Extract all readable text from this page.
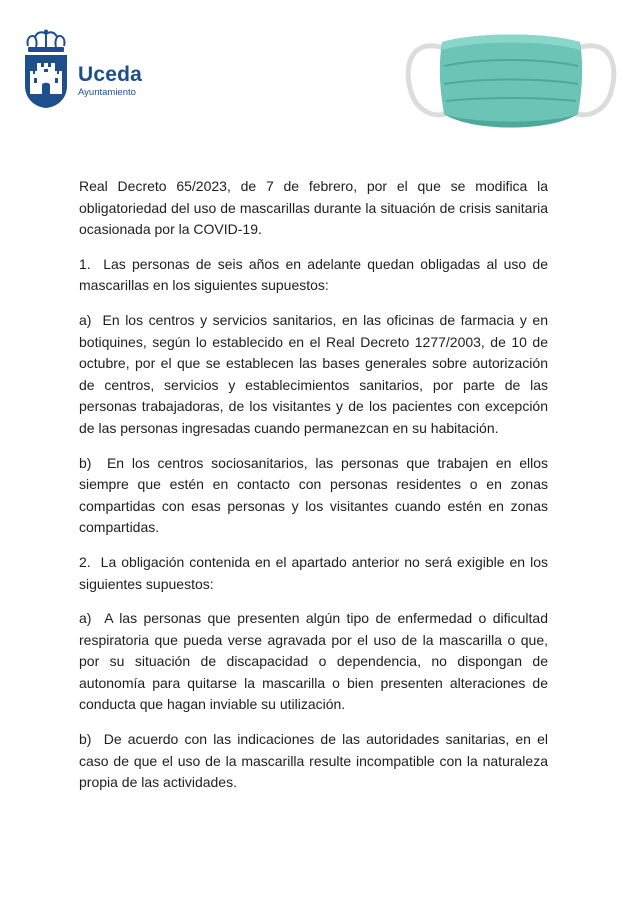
Uceda
Ayuntamiento

Real Decreto 65/2023, de 7 de febrero, por el que se modifica la obligatoriedad del uso de mascarillas durante la situación de crisis sanitaria ocasionada por la COVID-19.

1.  Las personas de seis años en adelante quedan obligadas al uso de mascarillas en los siguientes supuestos:

a)  En los centros y servicios sanitarios, en las oficinas de farmacia y en botiquines, según lo establecido en el Real Decreto 1277/2003, de 10 de octubre, por el que se establecen las bases generales sobre autorización de centros, servicios y establecimientos sanitarios, por parte de las personas trabajadoras, de los visitantes y de los pacientes con excepción de las personas ingresadas cuando permanezcan en su habitación.

b)  En los centros sociosanitarios, las personas que trabajen en ellos siempre que estén en contacto con personas residentes o en zonas compartidas con esas personas y los visitantes cuando estén en zonas compartidas.

2.  La obligación contenida en el apartado anterior no será exigible en los siguientes supuestos:

a)  A las personas que presenten algún tipo de enfermedad o dificultad respiratoria que pueda verse agravada por el uso de la mascarilla o que, por su situación de discapacidad o dependencia, no dispongan de autonomía para quitarse la mascarilla o bien presenten alteraciones de conducta que hagan inviable su utilización.

b)  De acuerdo con las indicaciones de las autoridades sanitarias, en el caso de que el uso de la mascarilla resulte incompatible con la naturaleza propia de las actividades.
